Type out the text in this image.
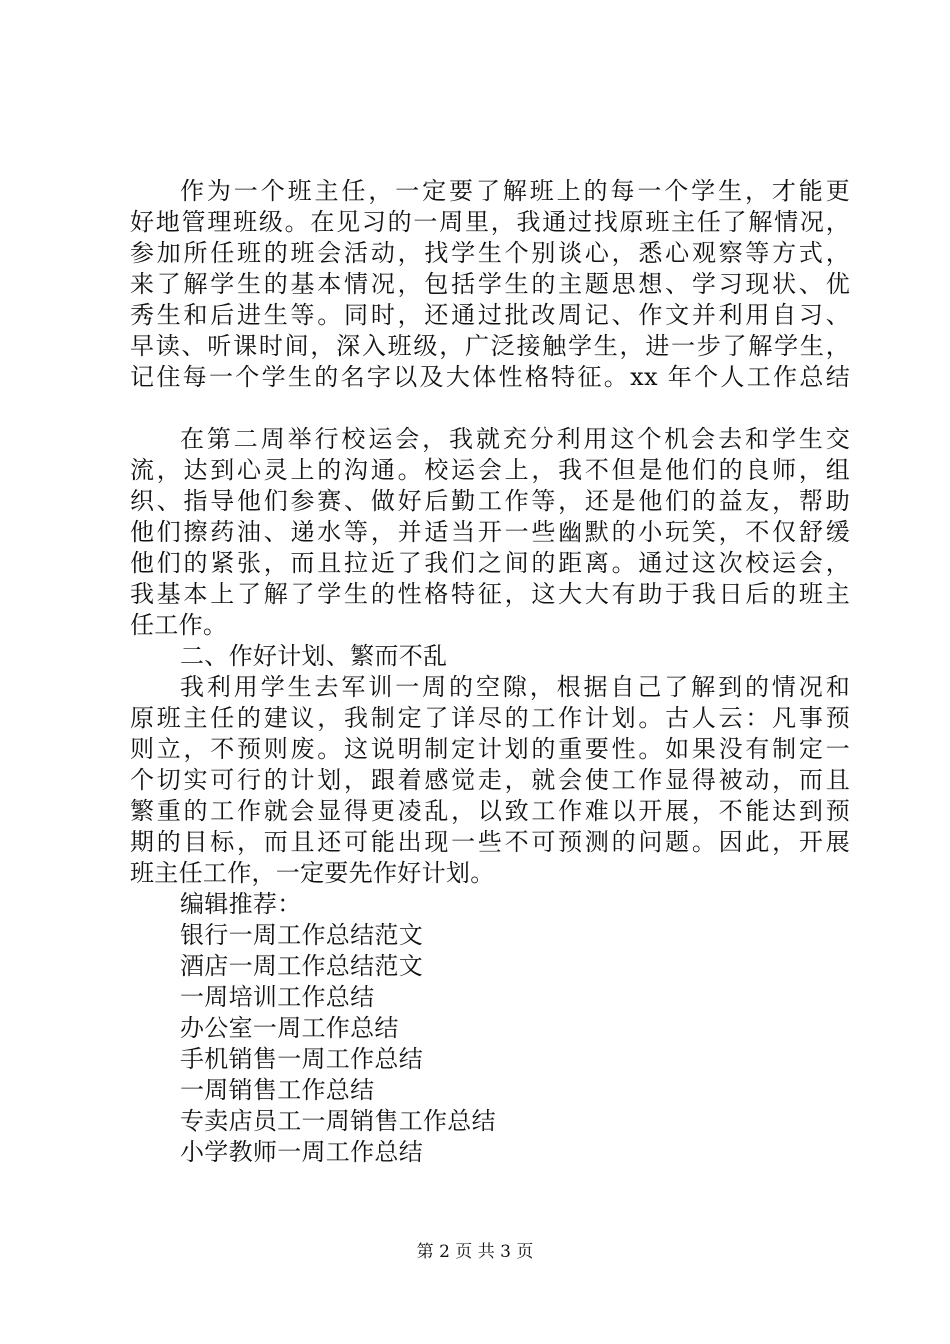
作为一个班主任，一定要了解班上的每一个学生，才能更
好地管理班级。在见习的一周里，我通过找原班主任了解情况，
参加所任班的班会活动，找学生个别谈心，悉心观察等方式，
来了解学生的基本情况，包括学生的主题思想、学习现状、优
秀生和后进生等。同时，还通过批改周记、作文并利用自习、
早读、听课时间，深入班级，广泛接触学生，进一步了解学生，
记住每一个学生的名字以及大体性格特征。xx 年个人工作总结
在第二周举行校运会，我就充分利用这个机会去和学生交
流，达到心灵上的沟通。校运会上，我不但是他们的良师，组
织、指导他们参赛、做好后勤工作等，还是他们的益友，帮助
他们擦药油、递水等，并适当开一些幽默的小玩笑，不仅舒缓
他们的紧张，而且拉近了我们之间的距离。通过这次校运会，
我基本上了解了学生的性格特征，这大大有助于我日后的班主
任工作。
二、作好计划、繁而不乱
我利用学生去军训一周的空隙，根据自己了解到的情况和
原班主任的建议，我制定了详尽的工作计划。古人云：凡事预
则立，不预则废。这说明制定计划的重要性。如果没有制定一
个切实可行的计划，跟着感觉走，就会使工作显得被动，而且
繁重的工作就会显得更凌乱，以致工作难以开展，不能达到预
期的目标，而且还可能出现一些不可预测的问题。因此，开展
班主任工作，一定要先作好计划。
编辑推荐：
银行一周工作总结范文
酒店一周工作总结范文
一周培训工作总结
办公室一周工作总结
手机销售一周工作总结
一周销售工作总结
专卖店员工一周销售工作总结
小学教师一周工作总结
第 2 页 共 3 页
